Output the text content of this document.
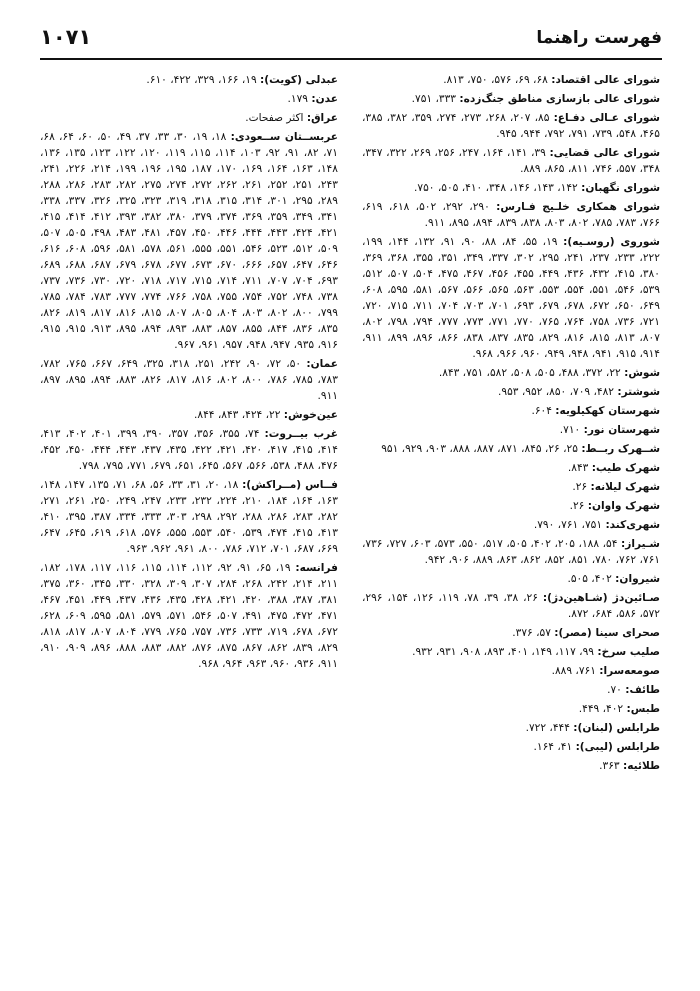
فهرست راهنما
۱۰۷۱

شورای عالی اقتصاد: ۶۸، ۶۹، ۵۷۶، ۷۵۰، ۸۱۳.

شورای عالی بازسازی مناطق جنگ‌زده: ۳۳۳، ۷۵۱.

شورای عـالی دفـاع: ۸۵، ۲۰۷، ۲۶۸، ۲۷۳، ۲۷۴، ۳۵۹، ۳۸۲، ۳۸۵، ۴۶۵، ۵۴۸، ۷۳۹، ۷۹۱، ۷۹۲، ۹۴۴، ۹۴۵.

شورای عالی قضایی: ۳۹، ۱۴۱، ۱۶۴، ۲۴۷، ۲۵۶، ۲۶۹، ۳۲۲، ۳۴۷، ۳۴۸، ۵۵۷، ۷۴۶، ۸۱۱، ۸۶۵، ۸۸۹.

شورای نگهبان: ۱۴۲، ۱۴۳، ۱۴۶، ۳۴۸، ۴۱۰، ۵۰۵، ۷۵۰.

شورای همکاری خلـیج فـارس: ۲۹۰، ۲۹۲، ۵۰۲، ۶۱۸، ۶۱۹، ۷۶۶، ۷۸۳، ۷۸۵، ۸۰۲، ۸۰۳، ۸۳۸، ۸۳۹، ۸۹۴، ۸۹۵، ۹۱۱.

شوروی (روسـیه): ۱۹، ۵۵، ۸۴، ۸۸، ۹۰، ۹۱، ۱۳۲، ۱۴۴، ۱۹۹، ۲۲۲، ۲۳۳، ۲۳۷، ۲۴۱، ۲۹۵، ۳۰۲، ۳۳۷، ۳۴۹، ۳۵۱، ۳۵۵، ۳۶۸، ۳۶۹، ۳۸۰، ۴۱۵، ۴۳۲، ۴۳۶، ۴۴۹، ۴۵۵، ۴۵۶، ۴۶۷، ۴۷۵، ۵۰۴، ۵۰۷، ۵۱۲، ۵۳۹، ۵۴۶، ۵۵۱، ۵۵۴، ۵۵۳، ۵۶۳، ۵۶۵، ۵۶۶، ۵۶۷، ۵۸۱، ۵۹۵، ۶۰۸، ۶۴۹، ۶۵۰، ۶۷۲، ۶۷۸، ۶۷۹، ۶۹۳، ۷۰۱، ۷۰۳، ۷۰۴، ۷۱۱، ۷۱۵، ۷۲۰، ۷۲۱، ۷۳۶، ۷۵۸، ۷۶۴، ۷۶۵، ۷۷۰، ۷۷۱، ۷۷۳، ۷۷۷، ۷۹۴، ۷۹۸، ۸۰۲، ۸۰۷، ۸۱۳، ۸۱۵، ۸۱۶، ۸۲۹، ۸۳۵، ۸۳۷، ۸۳۸، ۸۶۶، ۸۹۶، ۸۹۹، ۹۱۱، ۹۱۴، ۹۱۵، ۹۴۱، ۹۴۸، ۹۴۹، ۹۶۰، ۹۶۶، ۹۶۸.

شوش: ۲۲، ۳۷۲، ۴۸۸، ۵۰۵، ۵۰۸، ۵۸۲، ۷۵۱، ۸۴۳.

شوشتر: ۴۸۲، ۷۰۹، ۸۵۰، ۹۵۲، ۹۵۳.

شهرستان کهکیلویه: ۶۰۴.

شهرستان نور: ۷۱۰.

شــهرک ربــط: ۲۵، ۲۶، ۸۴۵، ۸۷۱، ۸۸۷، ۸۸۸، ۹۰۳، ۹۲۹، ۹۵۱

شهرک طیب: ۸۴۳.

شهرک لیلانه: ۲۶.

شهرک واوان: ۲۶.

شهری‌کند: ۷۵۱، ۷۶۱، ۷۹۰.

شـیراز: ۵۴، ۱۸۸، ۲۰۵، ۴۰۲، ۵۰۵، ۵۱۷، ۵۵۰، ۵۷۳، ۶۰۳، ۷۲۷، ۷۳۶، ۷۶۱، ۷۶۲، ۷۸۰، ۸۵۱، ۸۵۲، ۸۶۲، ۸۶۳، ۸۸۹، ۹۰۶، ۹۴۲.

شیروان: ۴۰۲، ۵۰۵.

صـائین‌دژ (شـاهین‌دژ): ۲۶، ۳۸، ۳۹، ۷۸، ۱۱۹، ۱۲۶، ۱۵۴، ۲۹۶، ۵۷۲، ۵۸۶، ۶۸۴، ۸۷۲.

صحرای سینا (مصر): ۵۷، ۳۷۶.

صلیب سرخ: ۹۹، ۱۱۷، ۱۴۹، ۴۰۱، ۸۹۳، ۹۰۸، ۹۳۱، ۹۳۲.

صومعه‌سرا: ۷۶۱، ۸۸۹.

طائف: ۷۰.

طبس: ۴۰۲، ۴۴۹.

طرابلس (لبنان): ۴۴۴، ۷۲۲.

طرابلس (لیبی): ۴۱، ۱۶۴.

طلائیه: ۳۶۳.

عبدلی (کویت): ۱۹، ۱۶۶، ۳۲۹، ۴۲۲، ۶۱۰.

عدن: ۱۷۹.

عراق: اکثر صفحات.

عربســتان ســعودی: ۱۸، ۱۹، ۳۰، ۳۳، ۳۷، ۴۹، ۵۰، ۶۰، ۶۴، ۶۸، ۷۱، ۸۲، ۹۱، ۹۲، ۱۰۳، ۱۱۴، ۱۱۵، ۱۱۹، ۱۲۰، ۱۲۲، ۱۲۳، ۱۳۵، ۱۳۶، ۱۴۸، ۱۶۳، ۱۶۴، ۱۶۹، ۱۷۰، ۱۸۷، ۱۹۵، ۱۹۶، ۱۹۹، ۲۱۴، ۲۲۶، ۲۴۱، ۲۴۳، ۲۵۱، ۲۵۲، ۲۶۱، ۲۶۲، ۲۷۲، ۲۷۴، ۲۷۵، ۲۸۲، ۲۸۳، ۲۸۶، ۲۸۸، ۲۸۹، ۲۹۵، ۳۰۱، ۳۱۴، ۳۱۵، ۳۱۸، ۳۱۹، ۳۲۳، ۳۲۵، ۳۲۶، ۳۳۷، ۳۳۸، ۳۴۱، ۳۴۹، ۳۵۹، ۳۶۹، ۳۷۴، ۳۷۹، ۳۸۰، ۳۸۲، ۳۹۳، ۴۱۲، ۴۱۴، ۴۱۵، ۴۲۱، ۴۲۴، ۴۴۳، ۴۴۴، ۴۴۶، ۴۵۰، ۴۵۷، ۴۸۱، ۴۸۳، ۴۹۸، ۵۰۵، ۵۰۷، ۵۰۹، ۵۱۲، ۵۲۳، ۵۴۶، ۵۵۱، ۵۵۵، ۵۶۱، ۵۷۸، ۵۸۱، ۵۹۶، ۶۰۸، ۶۱۶، ۶۴۶، ۶۴۷، ۶۵۷، ۶۶۶، ۶۷۰، ۶۷۳، ۶۷۷، ۶۷۸، ۶۷۹، ۶۸۷، ۶۸۸، ۶۸۹، ۶۹۳، ۷۰۴، ۷۰۷، ۷۱۱، ۷۱۴، ۷۱۵، ۷۱۷، ۷۱۸، ۷۲۰، ۷۳۰، ۷۳۶، ۷۳۷، ۷۳۸، ۷۴۸، ۷۵۲، ۷۵۴، ۷۵۵، ۷۵۸، ۷۶۶، ۷۷۴، ۷۷۷، ۷۸۳، ۷۸۴، ۷۸۵، ۷۹۹، ۸۰۰، ۸۰۲، ۸۰۳، ۸۰۴، ۸۰۵، ۸۰۷، ۸۱۵، ۸۱۶، ۸۱۷، ۸۱۹، ۸۲۶، ۸۳۵، ۸۳۶، ۸۴۴، ۸۵۵، ۸۵۷، ۸۸۳، ۸۹۳، ۸۹۴، ۸۹۵، ۹۱۳، ۹۱۵، ۹۱۵، ۹۱۶، ۹۳۵، ۹۴۷، ۹۴۸، ۹۵۷، ۹۶۱، ۹۶۷.

عمان: ۵۰، ۷۲، ۹۰، ۲۴۲، ۲۵۱، ۳۱۸، ۳۲۵، ۶۴۹، ۶۶۷، ۷۶۵، ۷۸۲، ۷۸۳، ۷۸۵، ۷۸۶، ۸۰۰، ۸۰۲، ۸۱۶، ۸۱۷، ۸۲۶، ۸۸۳، ۸۹۴، ۸۹۵، ۸۹۷، ۹۱۱.

عین‌خوش: ۲۲، ۴۲۴، ۸۴۳، ۸۴۴.

غرب بیــروت: ۷۴، ۳۵۵، ۳۵۶، ۳۵۷، ۳۹۰، ۳۹۹، ۴۰۱، ۴۰۲، ۴۱۳، ۴۱۴، ۴۱۵، ۴۱۷، ۴۲۰، ۴۲۱، ۴۲۲، ۴۳۵، ۴۳۷، ۴۴۳، ۴۴۴، ۴۵۰، ۴۵۲، ۴۷۶، ۴۸۸، ۵۳۸، ۵۶۶، ۵۶۷، ۶۴۵، ۶۵۱، ۶۷۹، ۷۷۱، ۷۹۵، ۷۹۸.

فــاس (مــراکش): ۱۸، ۲۰، ۳۱، ۳۳، ۵۶، ۶۸، ۷۱، ۱۳۵، ۱۴۷، ۱۴۸، ۱۶۳، ۱۶۴، ۱۸۴، ۲۱۰، ۲۲۴، ۲۳۲، ۲۳۳، ۲۴۷، ۲۴۹، ۲۵۰، ۲۶۱، ۲۷۱، ۲۸۲، ۲۸۳، ۲۸۶، ۲۸۸، ۲۹۲، ۲۹۸، ۳۰۳، ۳۳۳، ۳۳۴، ۳۸۷، ۳۹۵، ۴۱۰، ۴۱۳، ۴۱۵، ۴۷۴، ۵۳۹، ۵۴۰، ۵۵۳، ۵۵۵، ۵۷۶، ۶۱۸، ۶۱۹، ۶۴۵، ۶۴۷، ۶۶۹، ۶۸۷، ۷۰۱، ۷۱۲، ۷۸۶، ۸۰۰، ۹۶۱، ۹۶۲، ۹۶۳.

فرانسه: ۱۹، ۶۵، ۹۱، ۹۲، ۱۱۲، ۱۱۴، ۱۱۵، ۱۱۶، ۱۱۷، ۱۷۸، ۱۸۲، ۲۱۱، ۲۱۴، ۲۴۲، ۲۶۸، ۲۸۴، ۳۰۷، ۳۰۹، ۳۲۸، ۳۳۰، ۳۴۵، ۳۶۰، ۳۷۵، ۳۸۱، ۳۸۷، ۳۸۸، ۴۲۰، ۴۲۱، ۴۲۸، ۴۳۵، ۴۳۶، ۴۳۷، ۴۴۹، ۴۵۱، ۴۶۷، ۴۷۱، ۴۷۲، ۴۷۵، ۴۹۱، ۵۰۷، ۵۴۶، ۵۷۱، ۵۷۹، ۵۸۱، ۵۹۵، ۶۰۹، ۶۲۸، ۶۷۲، ۶۷۸، ۷۱۹، ۷۳۳، ۷۳۶، ۷۵۷، ۷۶۵، ۷۷۹، ۸۰۴، ۸۰۷، ۸۱۷، ۸۱۸، ۸۲۹، ۸۳۹، ۸۶۲، ۸۶۷، ۸۷۵، ۸۷۶، ۸۸۲، ۸۸۳، ۸۸۸، ۸۹۶، ۹۰۹، ۹۱۰، ۹۱۱، ۹۳۶، ۹۶۰، ۹۶۳، ۹۶۴، ۹۶۸.
